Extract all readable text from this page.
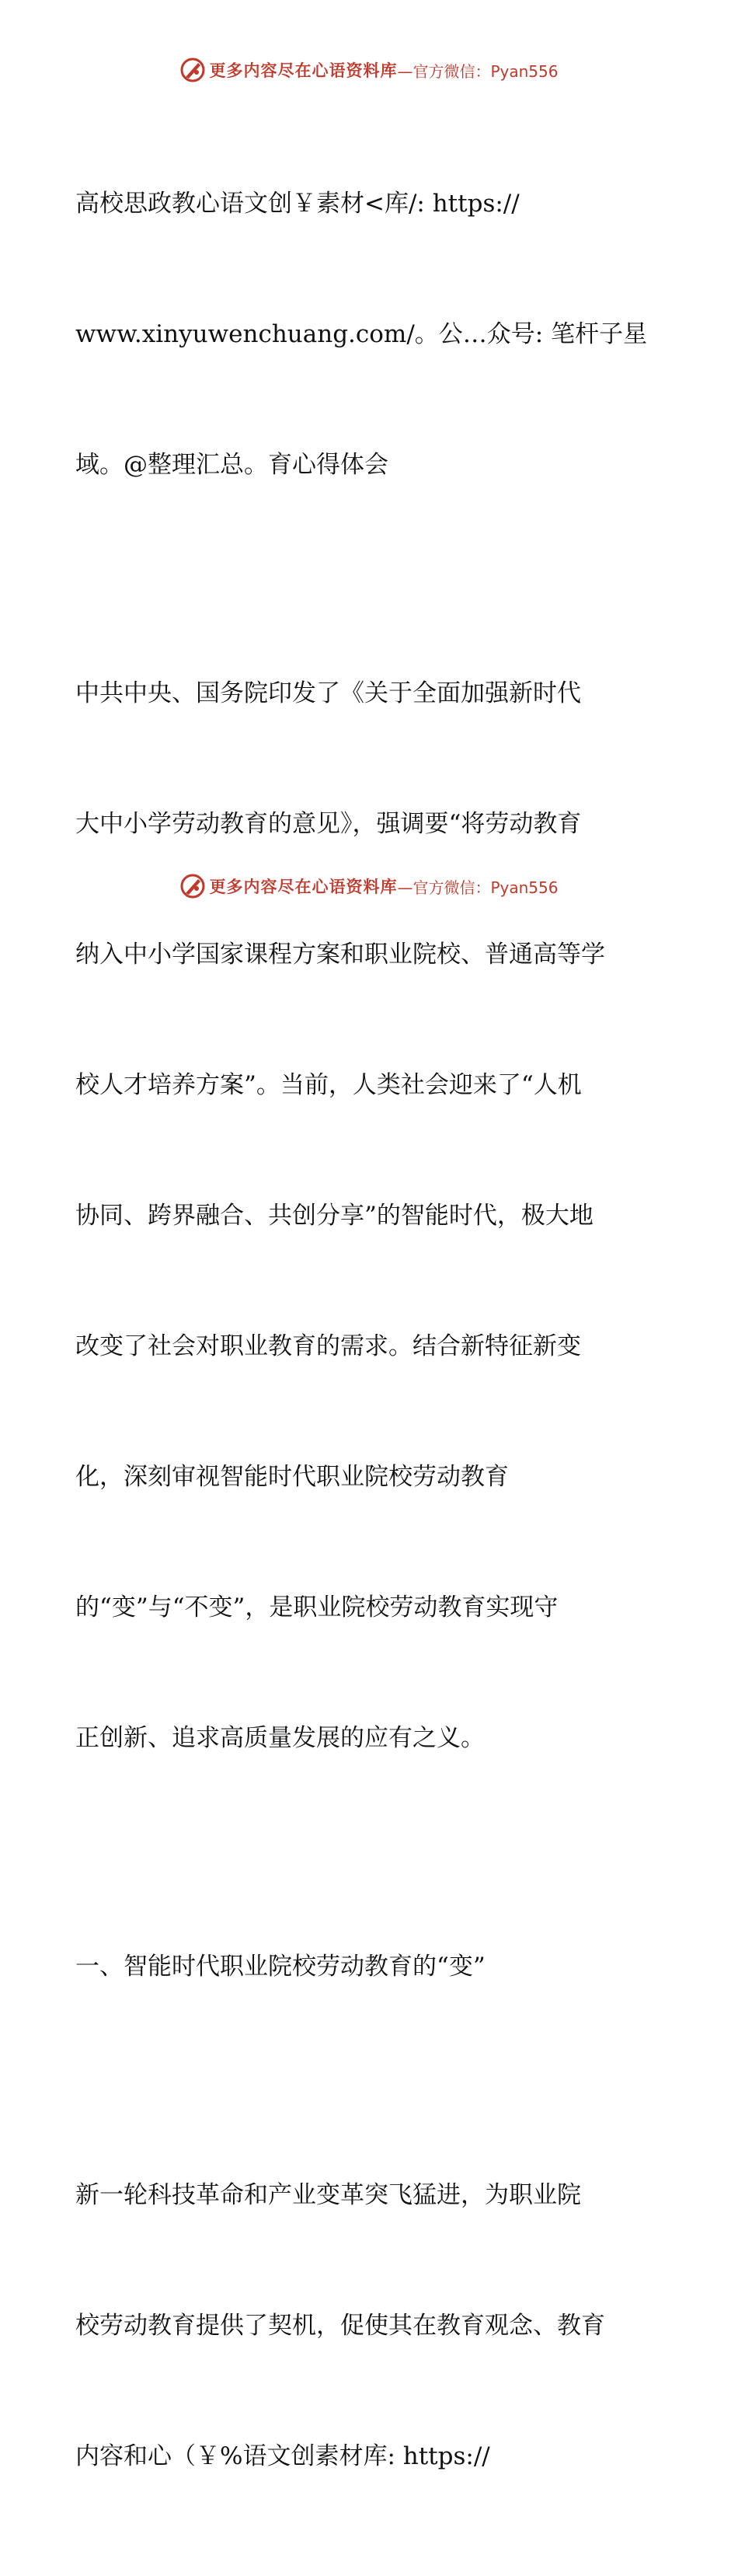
更多内容尽在心语资料库 —官方微信：Pyan556

高校思政教心语文创￥素材<库/: https://

www.xinyuwenchuang.com/。公…众号: 笔杆子星

域。@整理汇总。育心得体会

中共中央、国务院印发了《关于全面加强新时代

大中小学劳动教育的意见》，强调要“将劳动教育

纳入中小学国家课程方案和职业院校、普通高等学

校人才培养方案”。当前，人类社会迎来了“人机

协同、跨界融合、共创分享”的智能时代，极大地

改变了社会对职业教育的需求。结合新特征新变

化，深刻审视智能时代职业院校劳动教育

的“变”与“不变”，是职业院校劳动教育实现守

正创新、追求高质量发展的应有之义。

一、智能时代职业院校劳动教育的“变”

新一轮科技革命和产业变革突飞猛进，为职业院

校劳动教育提供了契机，促使其在教育观念、教育

内容和心（￥%语文创素材库: https://

更多内容尽在心语资料库 —官方微信：Pyan556
